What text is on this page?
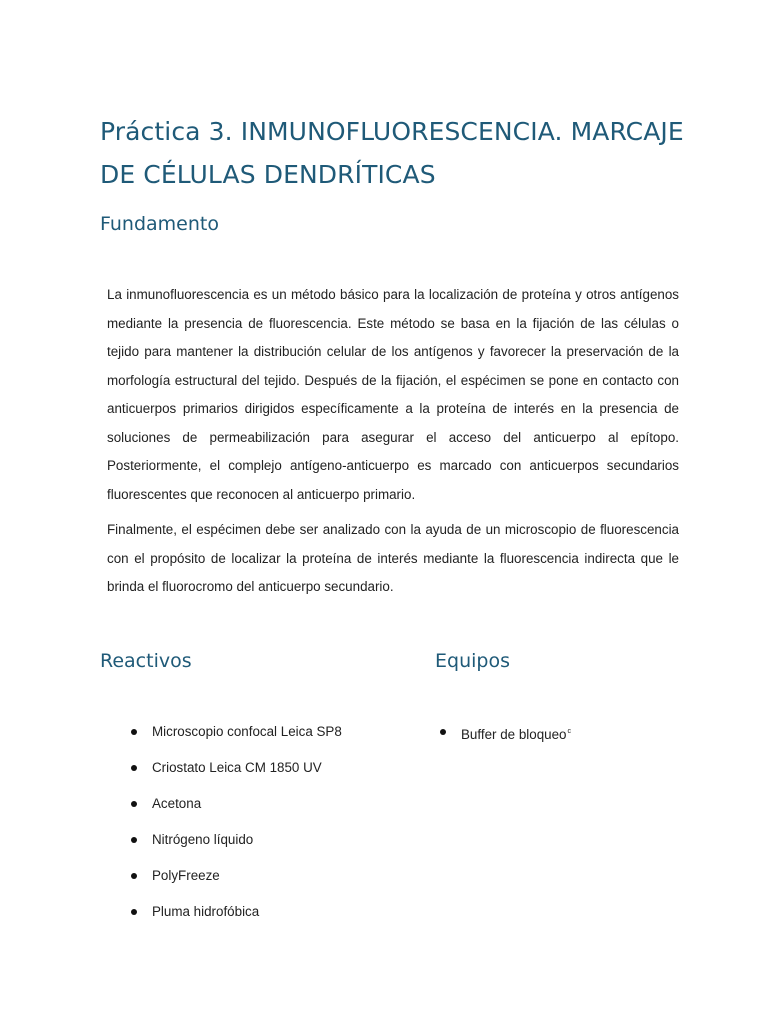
Práctica 3. INMUNOFLUORESCENCIA. MARCAJE DE CÉLULAS DENDRÍTICAS
Fundamento

La inmunofluorescencia es un método básico para la localización de proteína y otros antígenos mediante la presencia de fluorescencia. Este método se basa en la fijación de las células o tejido para mantener la distribución celular de los antígenos y favorecer la preservación de la morfología estructural del tejido. Después de la fijación, el espécimen se pone en contacto con anticuerpos primarios dirigidos específicamente a la proteína de interés en la presencia de soluciones de permeabilización para asegurar el acceso del anticuerpo al epítopo. Posteriormente, el complejo antígeno-anticuerpo es marcado con anticuerpos secundarios fluorescentes que reconocen al anticuerpo primario.

Finalmente, el espécimen debe ser analizado con la ayuda de un microscopio de fluorescencia con el propósito de localizar la proteína de interés mediante la fluorescencia indirecta que le brinda el fluorocromo del anticuerpo secundario.

Reactivos	Equipos
Microscopio confocal Leica SP8
Criostato Leica CM 1850 UV
Acetona
Nitrógeno líquido
PolyFreeze
Pluma hidrofóbica
Buffer de bloqueo$^c$
